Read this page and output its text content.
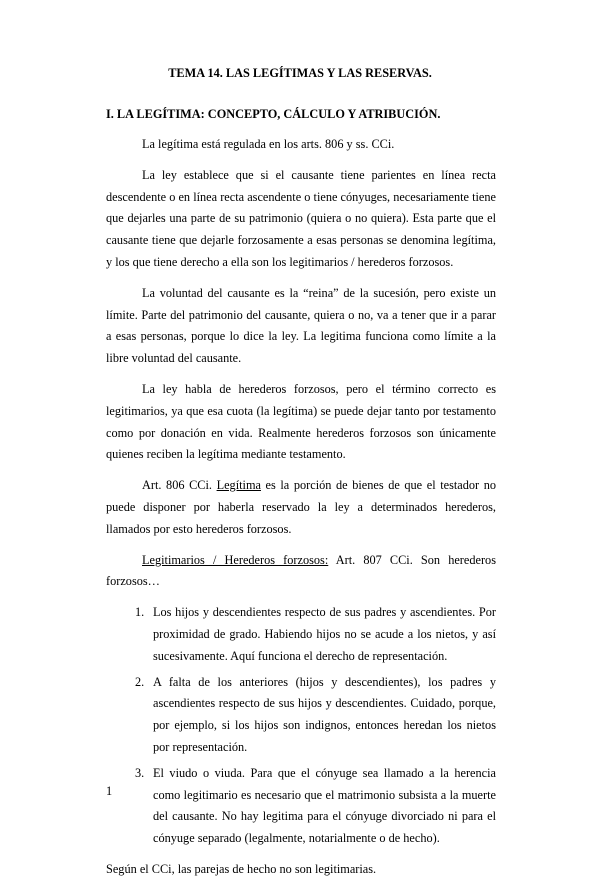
TEMA 14. LAS LEGÍTIMAS Y LAS RESERVAS.
I. LA LEGÍTIMA: CONCEPTO, CÁLCULO Y ATRIBUCIÓN.

La legítima está regulada en los arts. 806 y ss. CCi.

La ley establece que si el causante tiene parientes en línea recta descendente o en línea recta ascendente o tiene cónyuges, necesariamente tiene que dejarles una parte de su patrimonio (quiera o no quiera). Esta parte que el causante tiene que dejarle forzosamente a esas personas se denomina legítima, y los que tiene derecho a ella son los legitimarios / herederos forzosos.

La voluntad del causante es la “reina” de la sucesión, pero existe un límite. Parte del patrimonio del causante, quiera o no, va a tener que ir a parar a esas personas, porque lo dice la ley. La legitima funciona como límite a la libre voluntad del causante.

La ley habla de herederos forzosos, pero el término correcto es legitimarios, ya que esa cuota (la legítima) se puede dejar tanto por testamento como por donación en vida. Realmente herederos forzosos son únicamente quienes reciben la legítima mediante testamento.

Art. 806 CCi. Legítima es la porción de bienes de que el testador no puede disponer por haberla reservado la ley a determinados herederos, llamados por esto herederos forzosos.

Legitimarios / Herederos forzosos: Art. 807 CCi. Son herederos forzosos…

1. Los hijos y descendientes respecto de sus padres y ascendientes. Por proximidad de grado. Habiendo hijos no se acude a los nietos, y así sucesivamente. Aquí funciona el derecho de representación.
2. A falta de los anteriores (hijos y descendientes), los padres y ascendientes respecto de sus hijos y descendientes. Cuidado, porque, por ejemplo, si los hijos son indignos, entonces heredan los nietos por representación.
3. El viudo o viuda. Para que el cónyuge sea llamado a la herencia como legitimario es necesario que el matrimonio subsista a la muerte del causante. No hay legitima para el cónyuge divorciado ni para el cónyuge separado (legalmente, notarialmente o de hecho).

Según el CCi, las parejas de hecho no son legitimarias.

1
